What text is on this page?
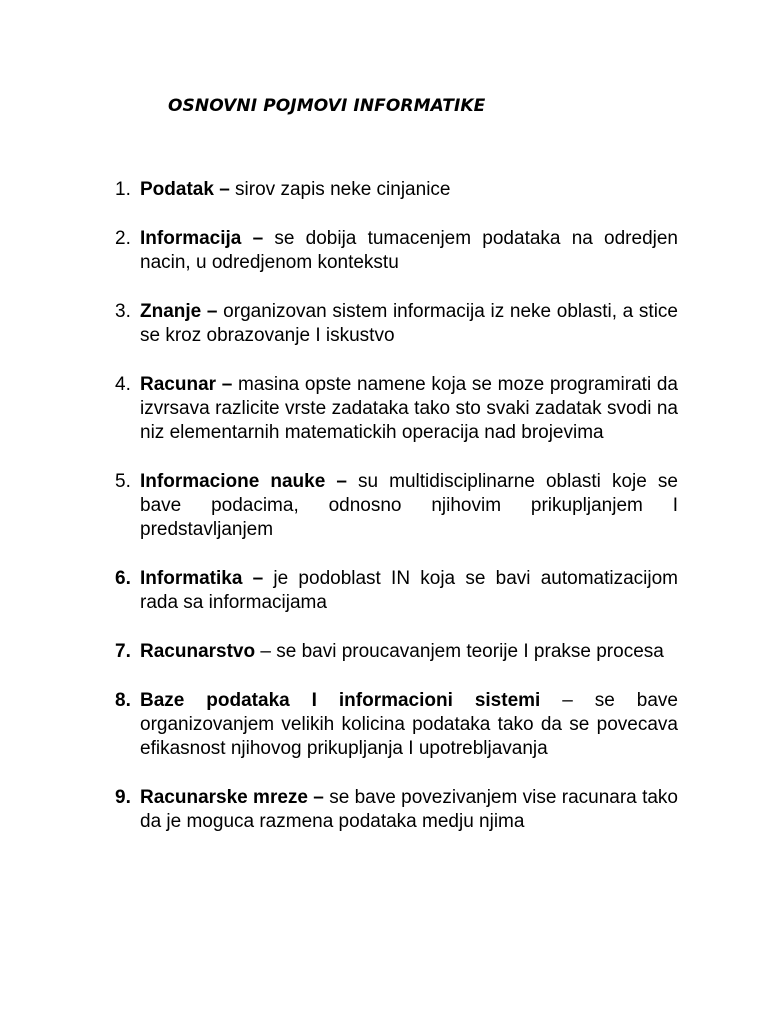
OSNOVNI POJMOVI INFORMATIKE
1. Podatak – sirov zapis neke cinjanice
2. Informacija – se dobija tumacenjem podataka na odredjen nacin, u odredjenom kontekstu
3. Znanje – organizovan sistem informacija iz neke oblasti, a stice se kroz obrazovanje I iskustvo
4. Racunar – masina opste namene koja se moze programirati da izvrsava razlicite vrste zadataka tako sto svaki zadatak svodi na niz elementarnih matematickih operacija nad brojevima
5. Informacione nauke – su multidisciplinarne oblasti koje se bave podacima, odnosno njihovim prikupljanjem I predstavljanjem
6. Informatika – je podoblast IN koja se bavi automatizacijom rada sa informacijama
7. Racunarstvo – se bavi proucavanjem teorije I prakse procesa
8. Baze podataka I informacioni sistemi – se bave organizovanjem velikih kolicina podataka tako da se povecava efikasnost njihovog prikupljanja I upotrebljavanja
9. Racunarske mreze – se bave povezivanjem vise racunara tako da je moguca razmena podataka medju njima
